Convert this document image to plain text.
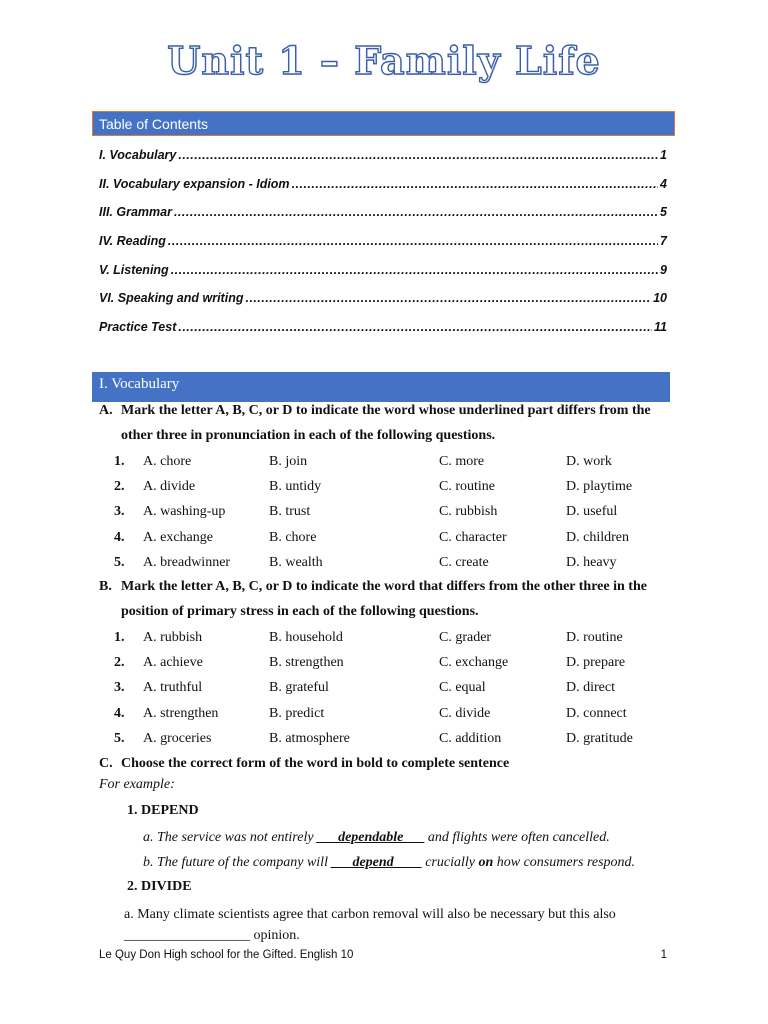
Unit 1 – Family Life
Table of Contents
I. Vocabulary .....	1
II. Vocabulary expansion - Idiom .....	4
III. Grammar .....	5
IV. Reading .....	7
V. Listening .....	9
VI. Speaking and writing .....	10
Practice Test .....	11
I. Vocabulary
A. Mark the letter A, B, C, or D to indicate the word whose underlined part differs from the
other three in pronunciation in each of the following questions.
1. A. chore	B. join	C. more	D. work
2. A. divide	B. untidy	C. routine	D. playtime
3. A. washing-up	B. trust	C. rubbish	D. useful
4. A. exchange	B. chore	C. character	D. children
5. A. breadwinner	B. wealth	C. create	D. heavy
B. Mark the letter A, B, C, or D to indicate the word that differs from the other three in the
position of primary stress in each of the following questions.
1. A. rubbish	B. household	C. grader	D. routine
2. A. achieve	B. strengthen	C. exchange	D. prepare
3. A. truthful	B. grateful	C. equal	D. direct
4. A. strengthen	B. predict	C. divide	D. connect
5. A. groceries	B. atmosphere	C. addition	D. gratitude
C. Choose the correct form of the word in bold to complete sentence
For example:
1. DEPEND
a. The service was not entirely ___dependable___ and flights were often cancelled.
b. The future of the company will ___depend____ crucially on how consumers respond.
2. DIVIDE
a. Many climate scientists agree that carbon removal will also be necessary but this also
__________________ opinion.
Le Quy Don High school for the Gifted. English 10	1
